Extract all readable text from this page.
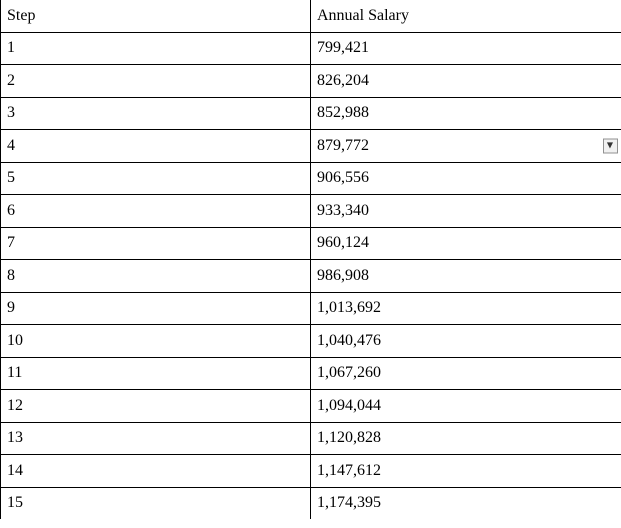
Step	Annual Salary
1	799,421
2	826,204
3	852,988
4	879,772 ▼

5	906,556
6	933,340
7	960,124
8	986,908
9	1,013,692
10	1,040,476
11	1,067,260
12	1,094,044
13	1,120,828
14	1,147,612
15	1,174,395
